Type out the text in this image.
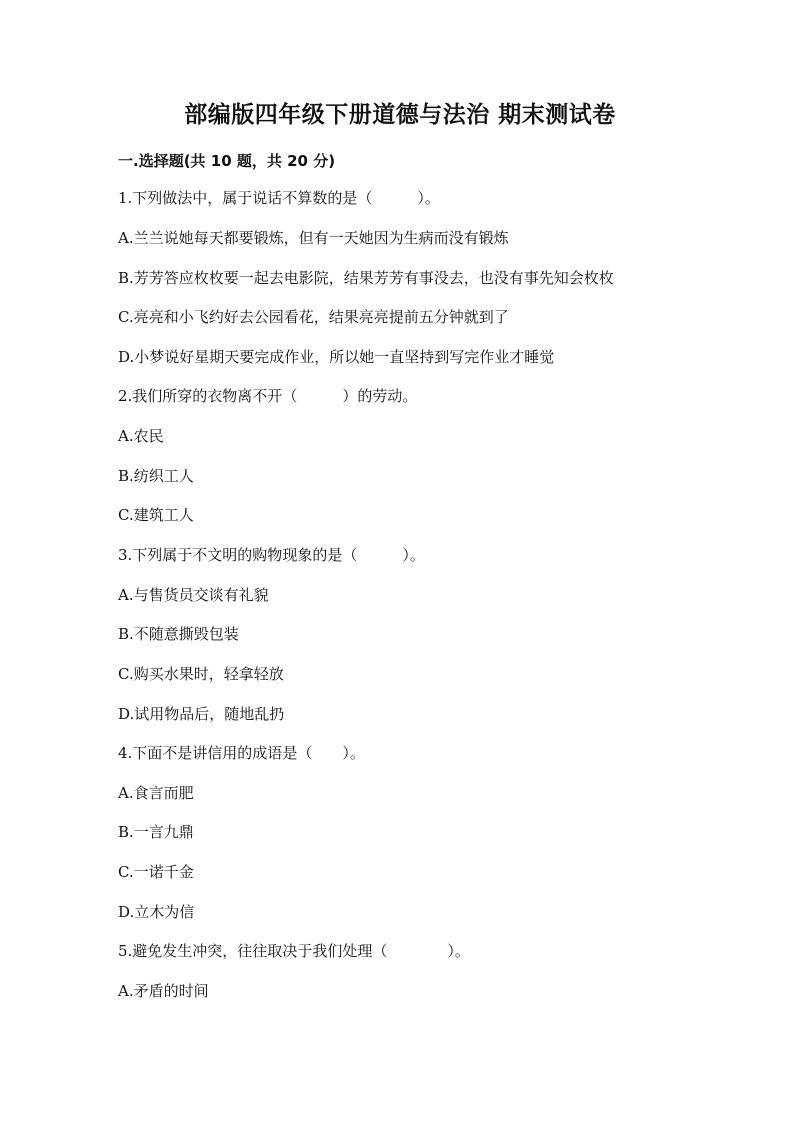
部编版四年级下册道德与法治 期末测试卷
一.选择题(共 10 题，共 20 分)
1.下列做法中，属于说话不算数的是（　　　）。
A.兰兰说她每天都要锻炼，但有一天她因为生病而没有锻炼
B.芳芳答应枚枚要一起去电影院，结果芳芳有事没去，也没有事先知会枚枚
C.亮亮和小飞约好去公园看花，结果亮亮提前五分钟就到了
D.小梦说好星期天要完成作业，所以她一直坚持到写完作业才睡觉
2.我们所穿的衣物离不开（　　　）的劳动。
A.农民
B.纺织工人
C.建筑工人
3.下列属于不文明的购物现象的是（　　　）。
A.与售货员交谈有礼貌
B.不随意撕毁包装
C.购买水果时，轻拿轻放
D.试用物品后，随地乱扔
4.下面不是讲信用的成语是（　　）。
A.食言而肥
B.一言九鼎
C.一诺千金
D.立木为信
5.避免发生冲突，往往取决于我们处理（　　　　）。
A.矛盾的时间
